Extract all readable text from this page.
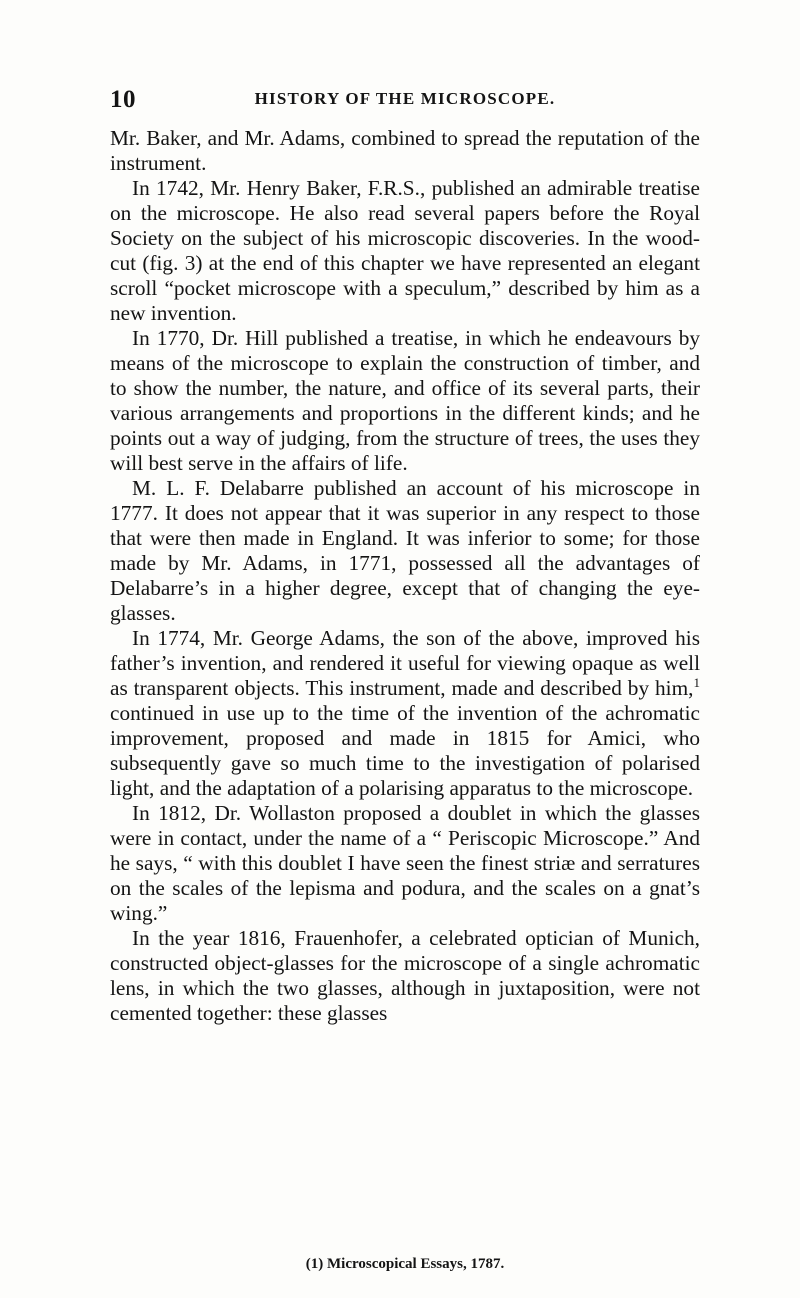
10	HISTORY OF THE MICROSCOPE.

Mr. Baker, and Mr. Adams, combined to spread the reputation of the instrument.

In 1742, Mr. Henry Baker, F.R.S., published an admirable treatise on the microscope. He also read several papers before the Royal Society on the subject of his microscopic discoveries. In the wood-cut (fig. 3) at the end of this chapter we have represented an elegant scroll “pocket microscope with a speculum,” described by him as a new invention.

In 1770, Dr. Hill published a treatise, in which he endeavours by means of the microscope to explain the construction of timber, and to show the number, the nature, and office of its several parts, their various arrangements and proportions in the different kinds; and he points out a way of judging, from the structure of trees, the uses they will best serve in the affairs of life.

M. L. F. Delabarre published an account of his microscope in 1777. It does not appear that it was superior in any respect to those that were then made in England. It was inferior to some; for those made by Mr. Adams, in 1771, possessed all the advantages of Delabarre’s in a higher degree, except that of changing the eye-glasses.

In 1774, Mr. George Adams, the son of the above, improved his father’s invention, and rendered it useful for viewing opaque as well as transparent objects. This instrument, made and described by him,$^1$ continued in use up to the time of the invention of the achromatic improvement, proposed and made in 1815 for Amici, who subsequently gave so much time to the investigation of polarised light, and the adaptation of a polarising apparatus to the microscope.

In 1812, Dr. Wollaston proposed a doublet in which the glasses were in contact, under the name of a “ Periscopic Microscope.” And he says, “ with this doublet I have seen the finest striæ and serratures on the scales of the lepisma and podura, and the scales on a gnat’s wing.”

In the year 1816, Frauenhofer, a celebrated optician of Munich, constructed object-glasses for the microscope of a single achromatic lens, in which the two glasses, although in juxtaposition, were not cemented together: these glasses

(1) Microscopical Essays, 1787.
